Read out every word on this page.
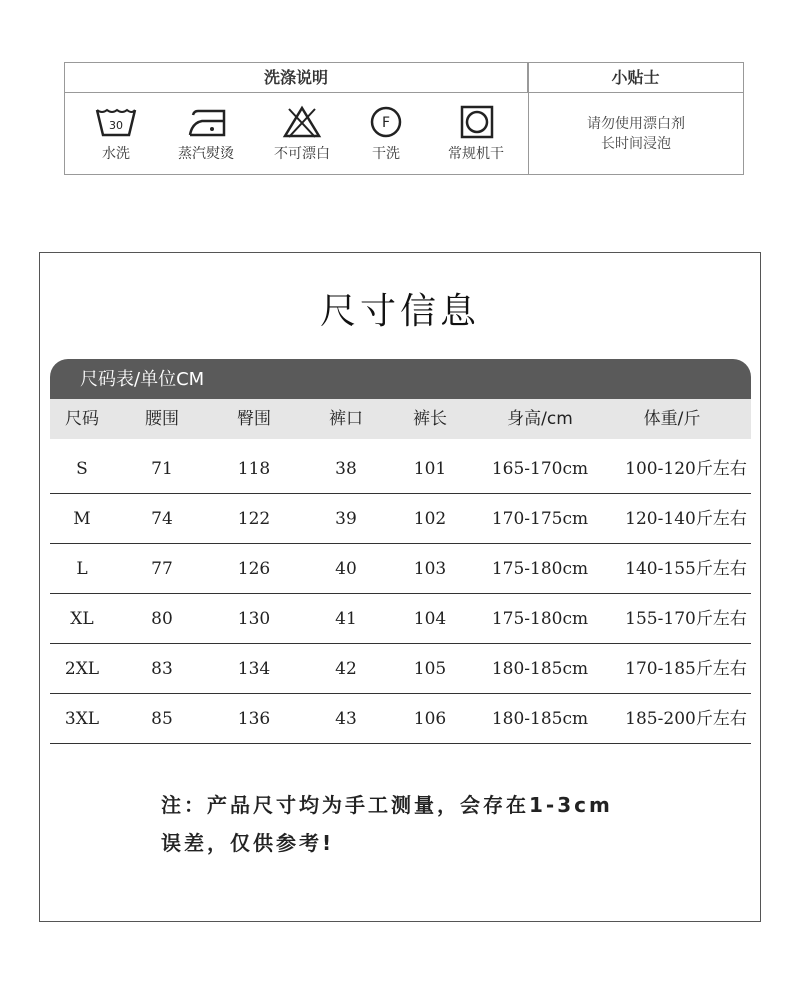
洗涤说明	小贴士
30
水洗	蒸汽熨烫	不可漂白
F
干洗	常规机干
请勿使用漂白剂
长时间浸泡
尺寸信息
尺码表/单位CM
尺码	腰围	臀围	裤口	裤长	身高/cm	体重/斤
S	71	118	38	101	165-170cm 100-120斤左右
M	74	122	39	102	170-175cm 120-140斤左右
L	77	126	40	103	175-180cm 140-155斤左右
XL	80	130	41	104	175-180cm 155-170斤左右
2XL	83	134	42	105	180-185cm 170-185斤左右
3XL	85	136	43	106	180-185cm 185-200斤左右
注：产品尺寸均为手工测量，会存在1-3cm
误差，仅供参考!
